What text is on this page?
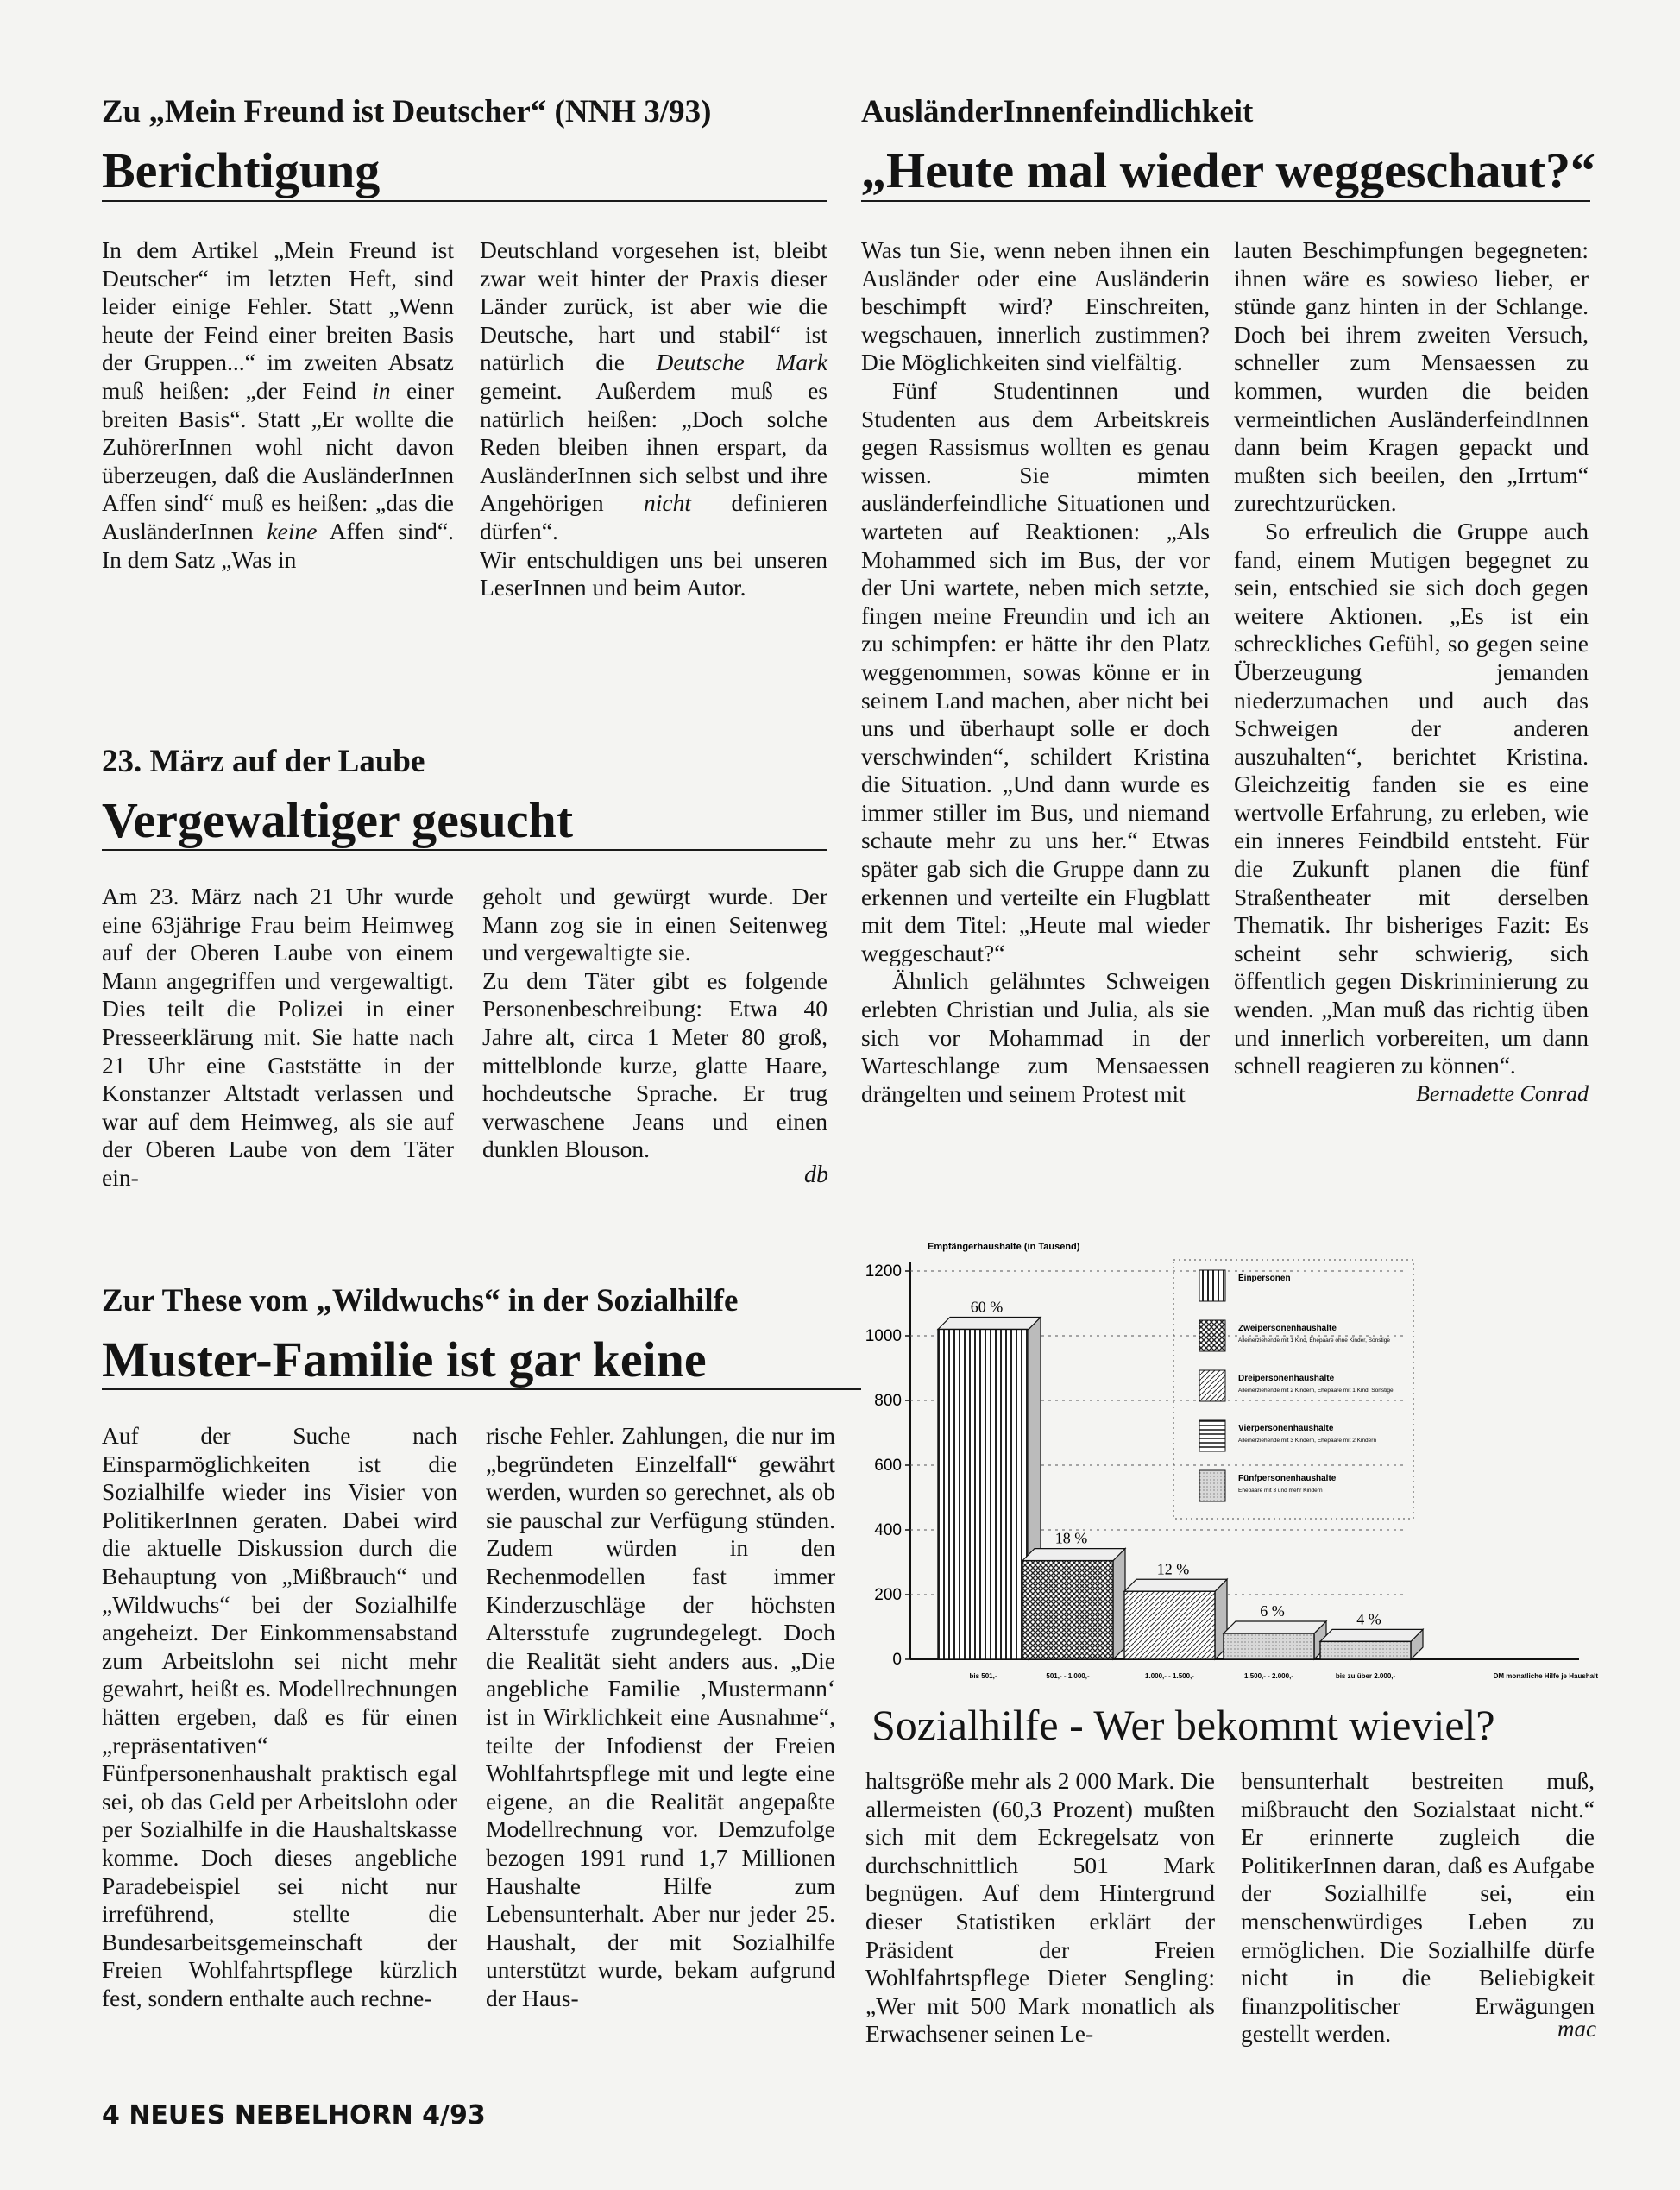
Zu „Mein Freund ist Deutscher“ (NNH 3/93)
Berichtigung

In dem Artikel „Mein Freund ist Deutscher“ im letzten Heft, sind leider einige Fehler. Statt „Wenn heute der Feind einer breiten Basis der Gruppen...“ im zweiten Absatz muß heißen: „der Feind in einer breiten Basis“. Statt „Er wollte die ZuhörerInnen wohl nicht davon überzeugen, daß die AusländerInnen Affen sind“ muß es heißen: „das die AusländerInnen keine Affen sind“. In dem Satz „Was in

Deutschland vorgesehen ist, bleibt zwar weit hinter der Praxis dieser Länder zurück, ist aber wie die Deutsche, hart und stabil“ ist natürlich die Deutsche Mark gemeint. Außerdem muß es natürlich heißen: „Doch solche Reden bleiben ihnen erspart, da AusländerInnen sich selbst und ihre Angehörigen nicht definieren dürfen“.

Wir entschuldigen uns bei unseren LeserInnen und beim Autor.

23. März auf der Laube
Vergewaltiger gesucht

Am 23. März nach 21 Uhr wurde eine 63jährige Frau beim Heimweg auf der Oberen Laube von einem Mann angegriffen und vergewaltigt. Dies teilt die Polizei in einer Presseerklärung mit. Sie hatte nach 21 Uhr eine Gaststätte in der Konstanzer Altstadt verlassen und war auf dem Heimweg, als sie auf der Oberen Laube von dem Täter ein-

geholt und gewürgt wurde. Der Mann zog sie in einen Seitenweg und vergewaltigte sie.

Zu dem Täter gibt es folgende Personenbeschreibung: Etwa 40 Jahre alt, circa 1 Meter 80 groß, mittelblonde kurze, glatte Haare, hochdeutsche Sprache. Er trug verwaschene Jeans und einen dunklen Blouson.

db
AusländerInnenfeindlichkeit
„Heute mal wieder weggeschaut?“

Was tun Sie, wenn neben ihnen ein Ausländer oder eine Ausländerin beschimpft wird? Einschreiten, wegschauen, innerlich zustimmen? Die Möglichkeiten sind vielfältig.

Fünf Studentinnen und Studenten aus dem Arbeitskreis gegen Rassismus wollten es genau wissen. Sie mimten ausländerfeindliche Situationen und warteten auf Reaktionen: „Als Mohammed sich im Bus, der vor der Uni wartete, neben mich setzte, fingen meine Freundin und ich an zu schimpfen: er hätte ihr den Platz weggenommen, sowas könne er in seinem Land machen, aber nicht bei uns und überhaupt solle er doch verschwinden“, schildert Kristina die Situation. „Und dann wurde es immer stiller im Bus, und niemand schaute mehr zu uns her.“ Etwas später gab sich die Gruppe dann zu erkennen und verteilte ein Flugblatt mit dem Titel: „Heute mal wieder weggeschaut?“

Ähnlich gelähmtes Schweigen erlebten Christian und Julia, als sie sich vor Mohammad in der Warteschlange zum Mensaessen drängelten und seinem Protest mit

lauten Beschimpfungen begegneten: ihnen wäre es sowieso lieber, er stünde ganz hinten in der Schlange. Doch bei ihrem zweiten Versuch, schneller zum Mensaessen zu kommen, wurden die beiden vermeintlichen AusländerfeindInnen dann beim Kragen gepackt und mußten sich beeilen, den „Irrtum“ zurechtzurücken.

So erfreulich die Gruppe auch fand, einem Mutigen begegnet zu sein, entschied sie sich doch gegen weitere Aktionen. „Es ist ein schreckliches Gefühl, so gegen seine Überzeugung jemanden niederzumachen und auch das Schweigen der anderen auszuhalten“, berichtet Kristina. Gleichzeitig fanden sie es eine wertvolle Erfahrung, zu erleben, wie ein inneres Feindbild entsteht. Für die Zukunft planen die fünf Straßentheater mit derselben Thematik. Ihr bisheriges Fazit: Es scheint sehr schwierig, sich öffentlich gegen Diskriminierung zu wenden. „Man muß das richtig üben und innerlich vorbereiten, um dann schnell reagieren zu können“.

Bernadette Conrad

Zur These vom „Wildwuchs“ in der Sozialhilfe
Muster-Familie ist gar keine

Auf der Suche nach Einsparmöglichkeiten ist die Sozialhilfe wieder ins Visier von PolitikerInnen geraten. Dabei wird die aktuelle Diskussion durch die Behauptung von „Mißbrauch“ und „Wildwuchs“ bei der Sozialhilfe angeheizt. Der Einkommensabstand zum Arbeitslohn sei nicht mehr gewahrt, heißt es. Modellrechnungen hätten ergeben, daß es für einen „repräsentativen“ Fünfpersonenhaushalt praktisch egal sei, ob das Geld per Arbeitslohn oder per Sozialhilfe in die Haushaltskasse komme. Doch dieses angebliche Paradebeispiel sei nicht nur irreführend, stellte die Bundesarbeitsgemeinschaft der Freien Wohlfahrtspflege kürzlich fest, sondern enthalte auch rechne-

rische Fehler. Zahlungen, die nur im „begründeten Einzelfall“ gewährt werden, wurden so gerechnet, als ob sie pauschal zur Verfügung stünden. Zudem würden in den Rechenmodellen fast immer Kinderzuschläge der höchsten Altersstufe zugrundegelegt. Doch die Realität sieht anders aus. „Die angebliche Familie ‚Mustermann‘ ist in Wirklichkeit eine Ausnahme“, teilte der Infodienst der Freien Wohlfahrtspflege mit und legte eine eigene, an die Realität angepaßte Modellrechnung vor. Demzufolge bezogen 1991 rund 1,7 Millionen Haushalte Hilfe zum Lebensunterhalt. Aber nur jeder 25. Haushalt, der mit Sozialhilfe unterstützt wurde, bekam aufgrund der Haus-

haltsgröße mehr als 2 000 Mark. Die allermeisten (60,3 Prozent) mußten sich mit dem Eckregelsatz von durchschnittlich 501 Mark begnügen. Auf dem Hintergrund dieser Statistiken erklärt der Präsident der Freien Wohlfahrtspflege Dieter Sengling: „Wer mit 500 Mark monatlich als Erwachsener seinen Le-

bensunterhalt bestreiten muß, mißbraucht den Sozialstaat nicht.“ Er erinnerte zugleich die PolitikerInnen daran, daß es Aufgabe der Sozialhilfe sei, ein menschenwürdiges Leben zu ermöglichen. Die Sozialhilfe dürfe nicht in die Beliebigkeit finanzpolitischer Erwägungen gestellt werden.	mac
Empfängerhaushalte (in Tausend)
0
200
400
600
800
1000
1200
60 %
bis 501,-
18 %
501,- - 1.000,-
12 %
1.000,- - 1.500,-
6 %
1.500,- - 2.000,-
4 %
bis zu über 2.000,-	DM monatliche Hilfe je Haushalt
Einpersonen
Zweipersonenhaushalte
Alleinerziehende mit 1 Kind, Ehepaare ohne Kinder, Sonstige
Dreipersonenhaushalte
Alleinerziehende mit 2 Kindern, Ehepaare mit 1 Kind, Sonstige
Vierpersonenhaushalte
Alleinerziehende mit 3 Kindern, Ehepaare mit 2 Kindern
Fünfpersonenhaushalte
Ehepaare mit 3 und mehr Kindern
Sozialhilfe - Wer bekommt wieviel?
4 NEUES NEBELHORN 4/93
